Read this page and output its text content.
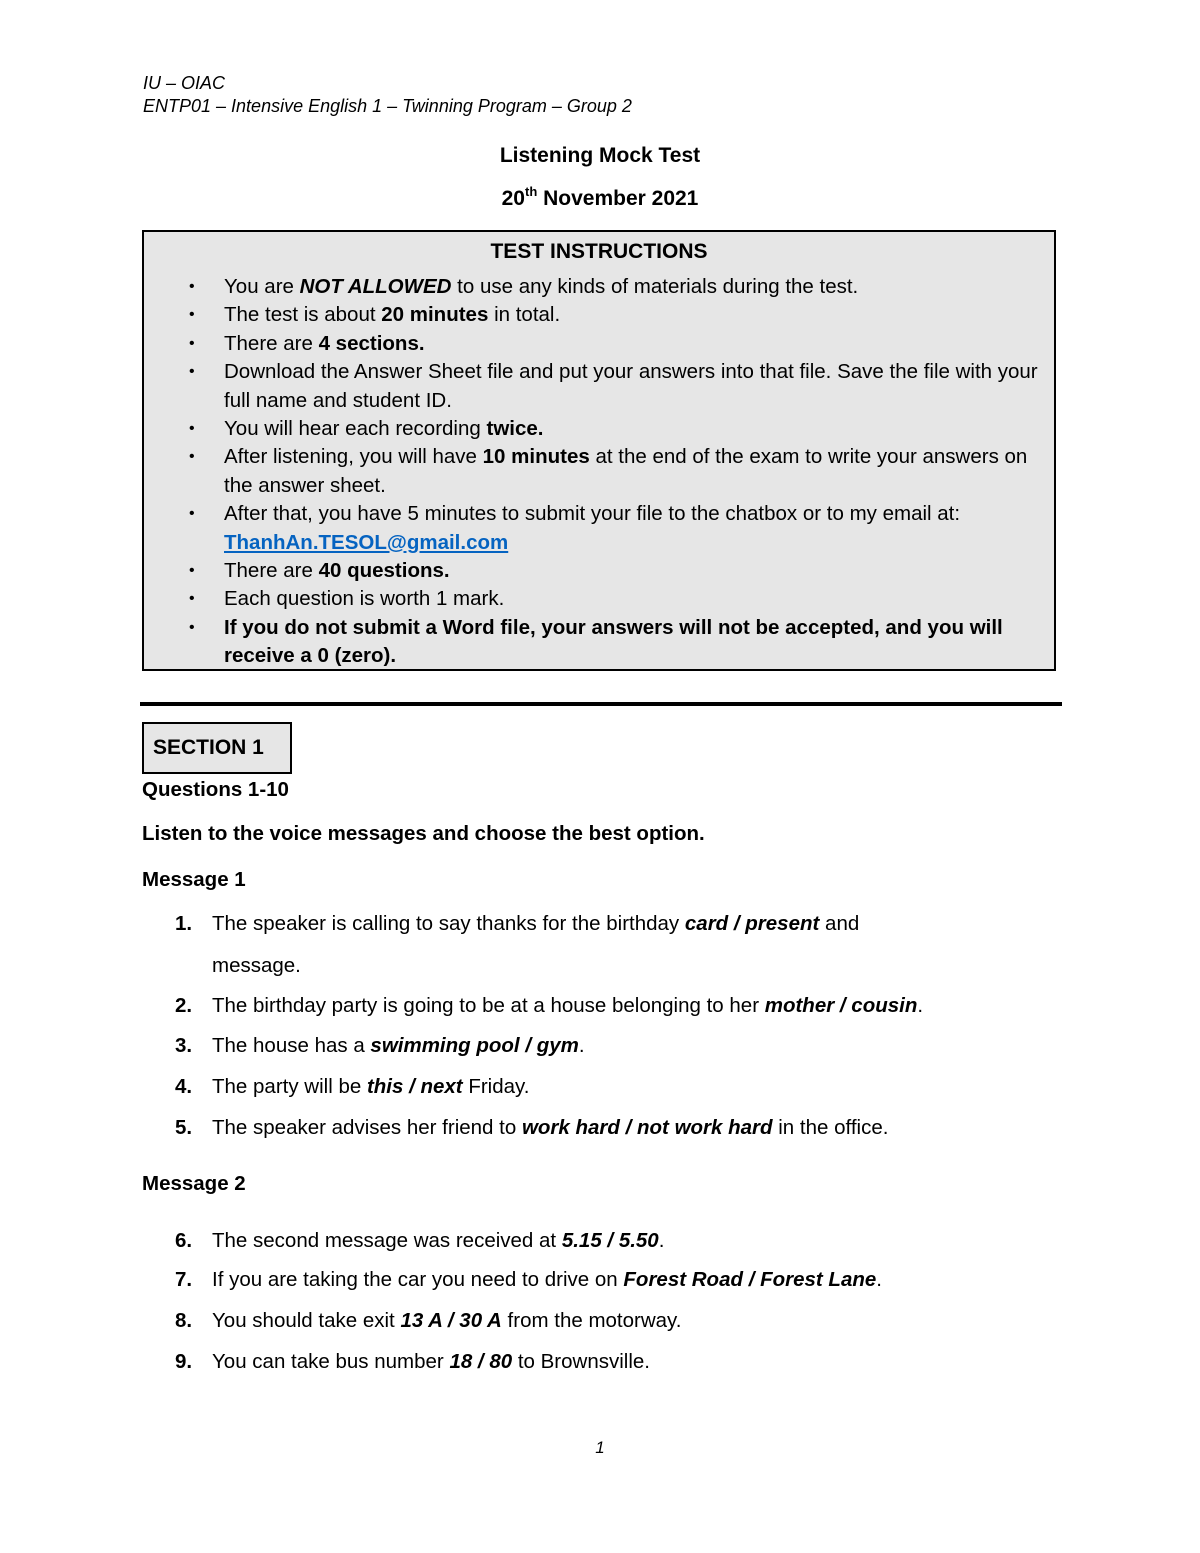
IU – OIAC
ENTP01 – Intensive English 1 – Twinning Program – Group 2
Listening Mock Test
20th November 2021
TEST INSTRUCTIONS
• You are NOT ALLOWED to use any kinds of materials during the test.
• The test is about 20 minutes in total.
• There are 4 sections.
• Download the Answer Sheet file and put your answers into that file. Save the file with your full name and student ID.
• You will hear each recording twice.
• After listening, you will have 10 minutes at the end of the exam to write your answers on the answer sheet.
• After that, you have 5 minutes to submit your file to the chatbox or to my email at: ThanhAn.TESOL@gmail.com
• There are 40 questions.
• Each question is worth 1 mark.
• If you do not submit a Word file, your answers will not be accepted, and you will receive a 0 (zero).
SECTION 1
Questions 1-10
Listen to the voice messages and choose the best option.
Message 1
1. The speaker is calling to say thanks for the birthday card / present and
message.
2. The birthday party is going to be at a house belonging to her mother / cousin.
3. The house has a swimming pool / gym.
4. The party will be this / next Friday.
5. The speaker advises her friend to work hard / not work hard in the office.
Message 2
6. The second message was received at 5.15 / 5.50.
7. If you are taking the car you need to drive on Forest Road / Forest Lane.
8. You should take exit 13 A / 30 A from the motorway.
9. You can take bus number 18 / 80 to Brownsville.
1
